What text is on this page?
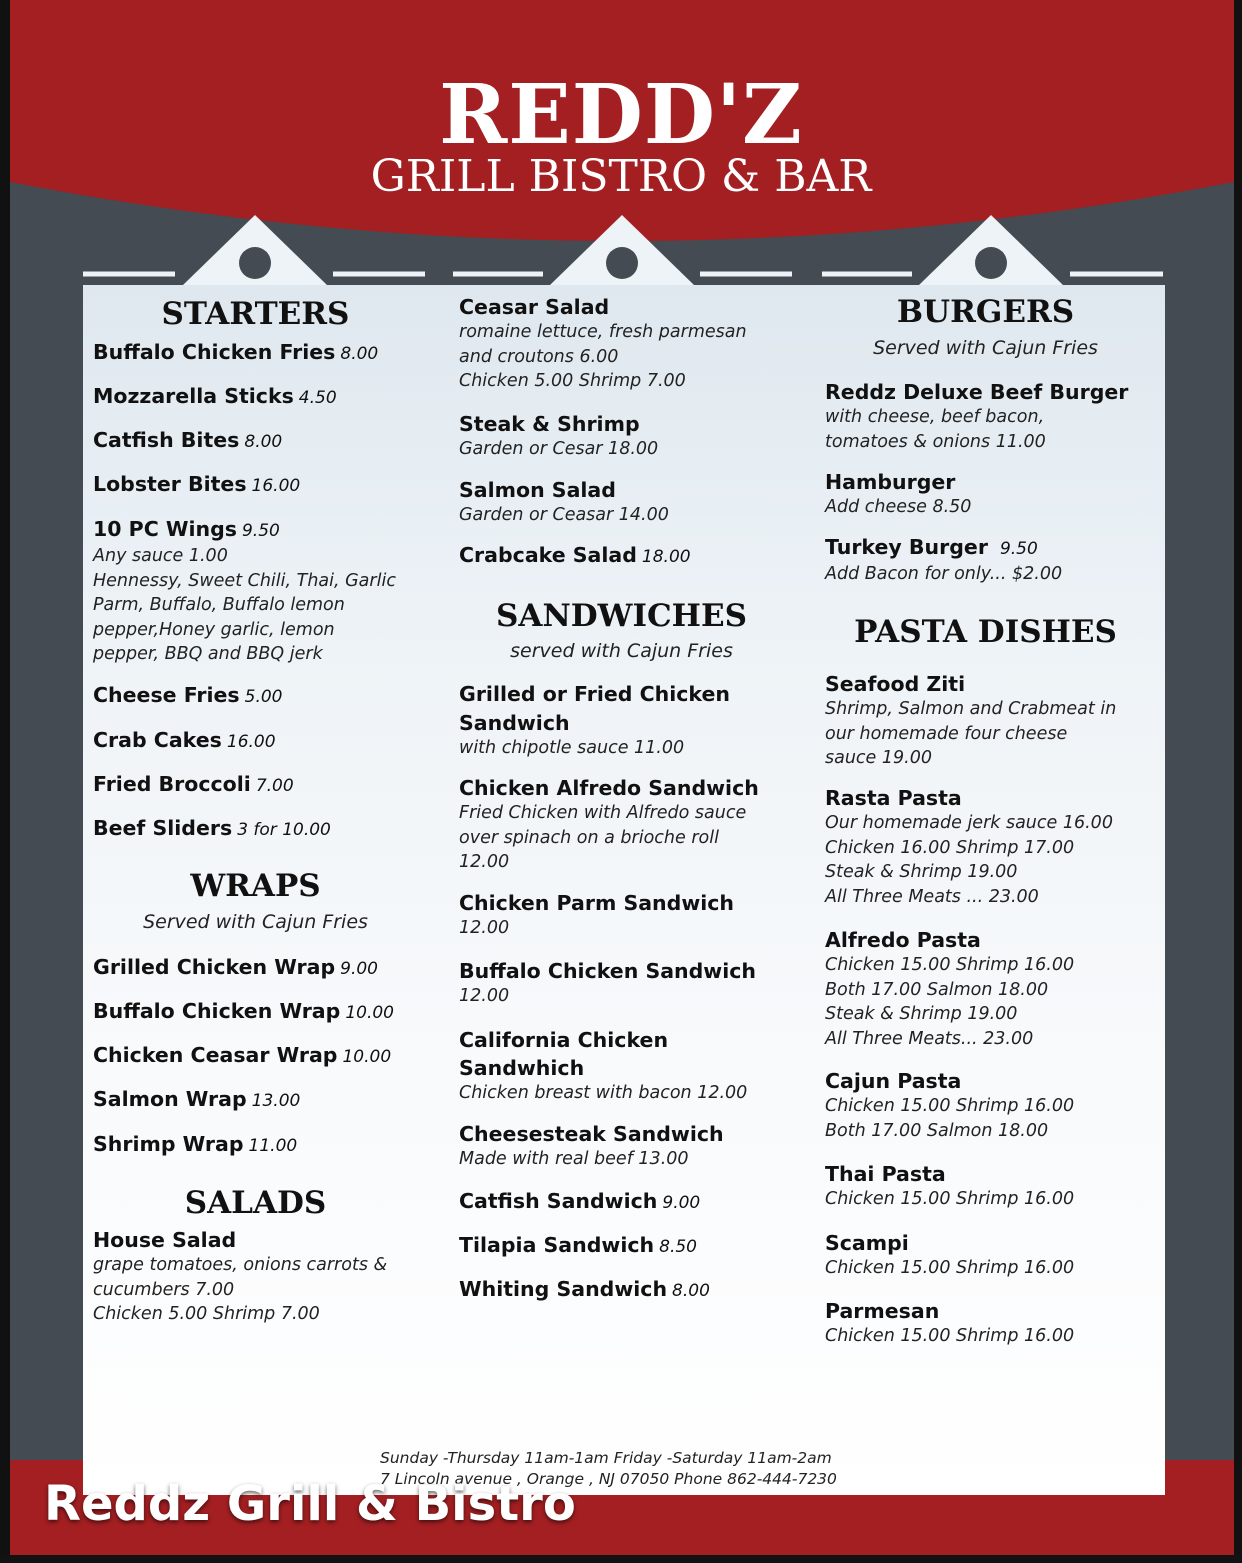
REDD'Z
GRILL BISTRO & BAR
STARTERS
Buffalo Chicken Fries 8.00
Mozzarella Sticks 4.50
Catfish Bites 8.00
Lobster Bites 16.00
10 PC Wings 9.50
Any sauce 1.00
Hennessy, Sweet Chili, Thai, Garlic
Parm, Buffalo, Buffalo lemon
pepper,Honey garlic, lemon
pepper, BBQ and BBQ jerk
Cheese Fries 5.00
Crab Cakes 16.00
Fried Broccoli 7.00
Beef Sliders 3 for 10.00
WRAPS
Served with Cajun Fries
Grilled Chicken Wrap 9.00
Buffalo Chicken Wrap 10.00
Chicken Ceasar Wrap 10.00
Salmon Wrap 13.00
Shrimp Wrap 11.00
SALADS
House Salad
grape tomatoes, onions carrots &
cucumbers 7.00
Chicken 5.00 Shrimp 7.00
Ceasar Salad
romaine lettuce, fresh parmesan
and croutons 6.00
Chicken 5.00 Shrimp 7.00
Steak & Shrimp
Garden or Cesar 18.00
Salmon Salad
Garden or Ceasar 14.00
Crabcake Salad 18.00
SANDWICHES
served with Cajun Fries
Grilled or Fried Chicken
Sandwich
with chipotle sauce 11.00
Chicken Alfredo Sandwich
Fried Chicken with Alfredo sauce
over spinach on a brioche roll
12.00
Chicken Parm Sandwich
12.00
Buffalo Chicken Sandwich
12.00
California Chicken
Sandwhich
Chicken breast with bacon 12.00
Cheesesteak Sandwich
Made with real beef 13.00
Catfish Sandwich 9.00
Tilapia Sandwich 8.50
Whiting Sandwich 8.00
BURGERS
Served with Cajun Fries
Reddz Deluxe Beef Burger
with cheese, beef bacon,
tomatoes & onions 11.00
Hamburger
Add cheese 8.50
Turkey Burger 9.50
Add Bacon for only... $2.00
PASTA DISHES
Seafood Ziti
Shrimp, Salmon and Crabmeat in
our homemade four cheese
sauce 19.00
Rasta Pasta
Our homemade jerk sauce 16.00
Chicken 16.00 Shrimp 17.00
Steak & Shrimp 19.00
All Three Meats ... 23.00
Alfredo Pasta
Chicken 15.00 Shrimp 16.00
Both 17.00 Salmon 18.00
Steak & Shrimp 19.00
All Three Meats... 23.00
Cajun Pasta
Chicken 15.00 Shrimp 16.00
Both 17.00 Salmon 18.00
Thai Pasta
Chicken 15.00 Shrimp 16.00
Scampi
Chicken 15.00 Shrimp 16.00
Parmesan
Chicken 15.00 Shrimp 16.00
Sunday -Thursday 11am-1am Friday -Saturday 11am-2am
7 Lincoln avenue , Orange , NJ 07050 Phone 862-444-7230
Reddz Grill & Bistro
